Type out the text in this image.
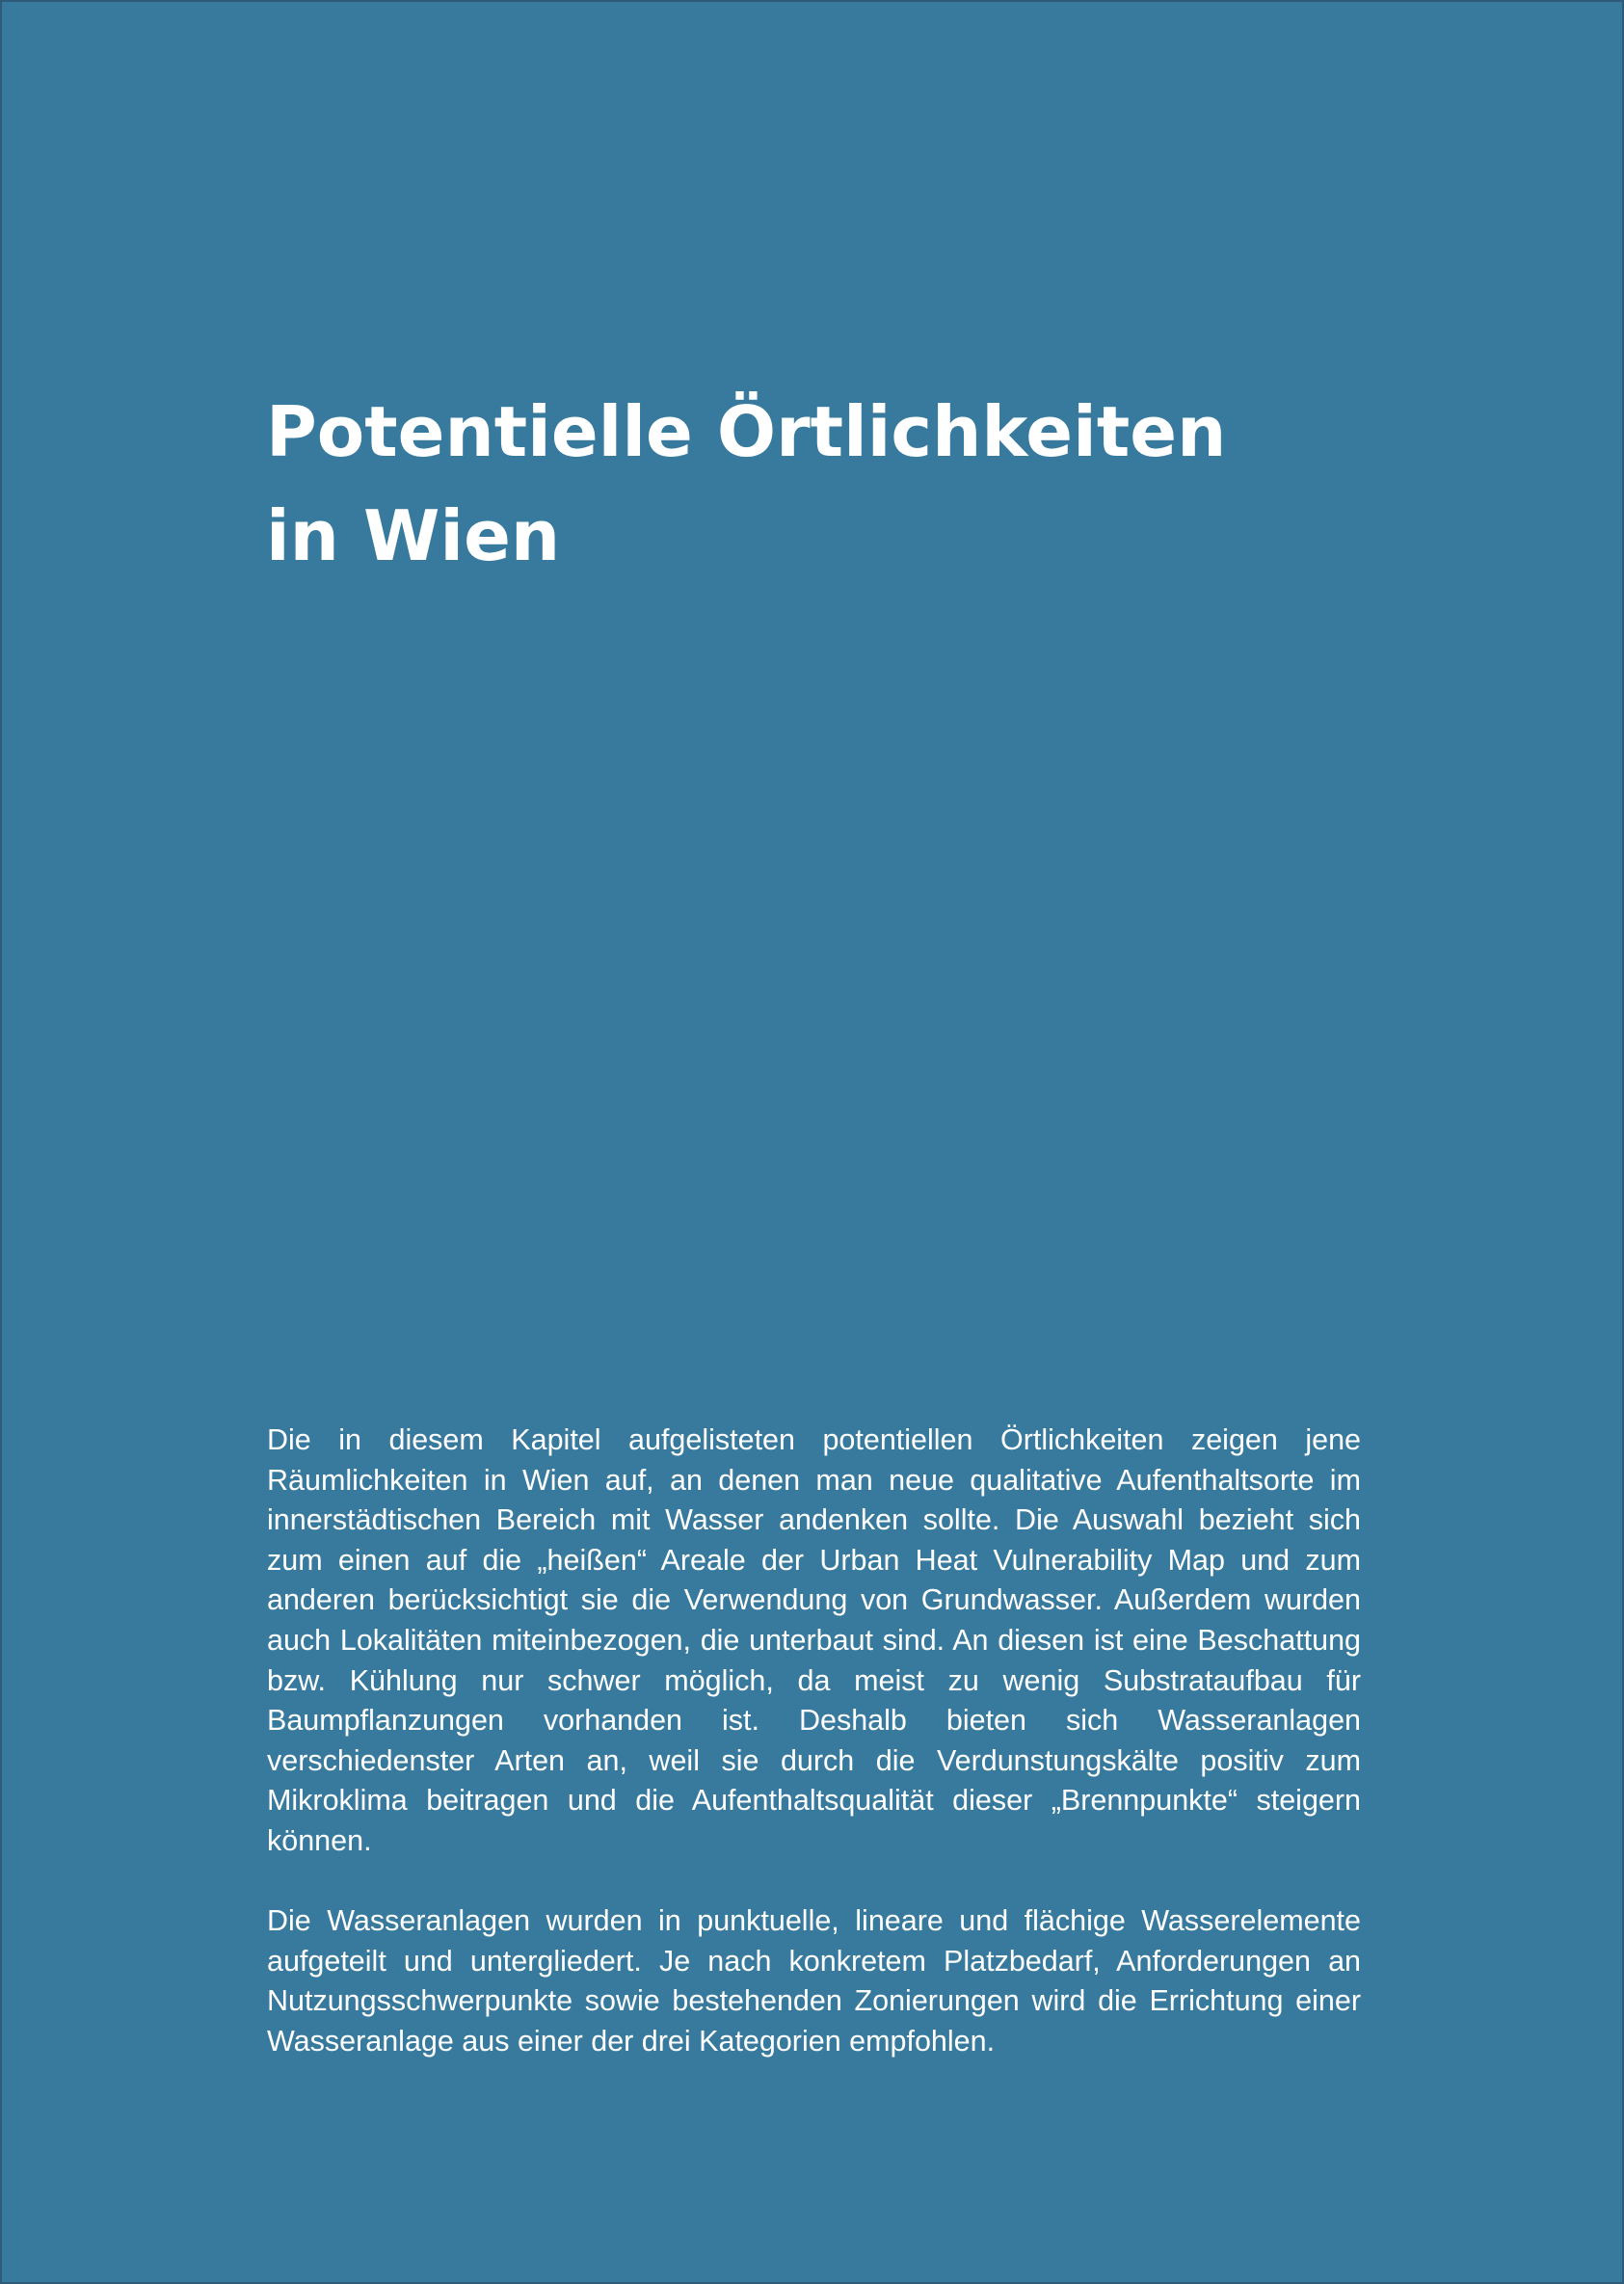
Potentielle Örtlichkeiten
in Wien

Die in diesem Kapitel aufgelisteten potentiellen Örtlichkeiten zeigen jene Räumlichkeiten in Wien auf, an denen man neue qualitative Aufenthaltsorte im innerstädtischen Bereich mit Wasser andenken sollte. Die Auswahl bezieht sich zum einen auf die „heißen“ Areale der Urban Heat Vulnerability Map und zum anderen berücksichtigt sie die Verwendung von Grundwasser. Außerdem wurden auch Lokalitäten miteinbezogen, die unterbaut sind. An diesen ist eine Beschattung bzw. Kühlung nur schwer möglich, da meist zu wenig Substrataufbau für Baumpflanzungen vorhanden ist. Deshalb bieten sich Wasseranlagen verschiedenster Arten an, weil sie durch die Verdunstungskälte positiv zum Mikroklima beitragen und die Aufenthaltsqualität dieser „Brennpunkte“ steigern können.

Die Wasseranlagen wurden in punktuelle, lineare und flächige Wasserelemente aufgeteilt und untergliedert. Je nach konkretem Platzbedarf, Anforderungen an Nutzungsschwerpunkte sowie bestehenden Zonierungen wird die Errichtung einer Wasseranlage aus einer der drei Kategorien empfohlen.
